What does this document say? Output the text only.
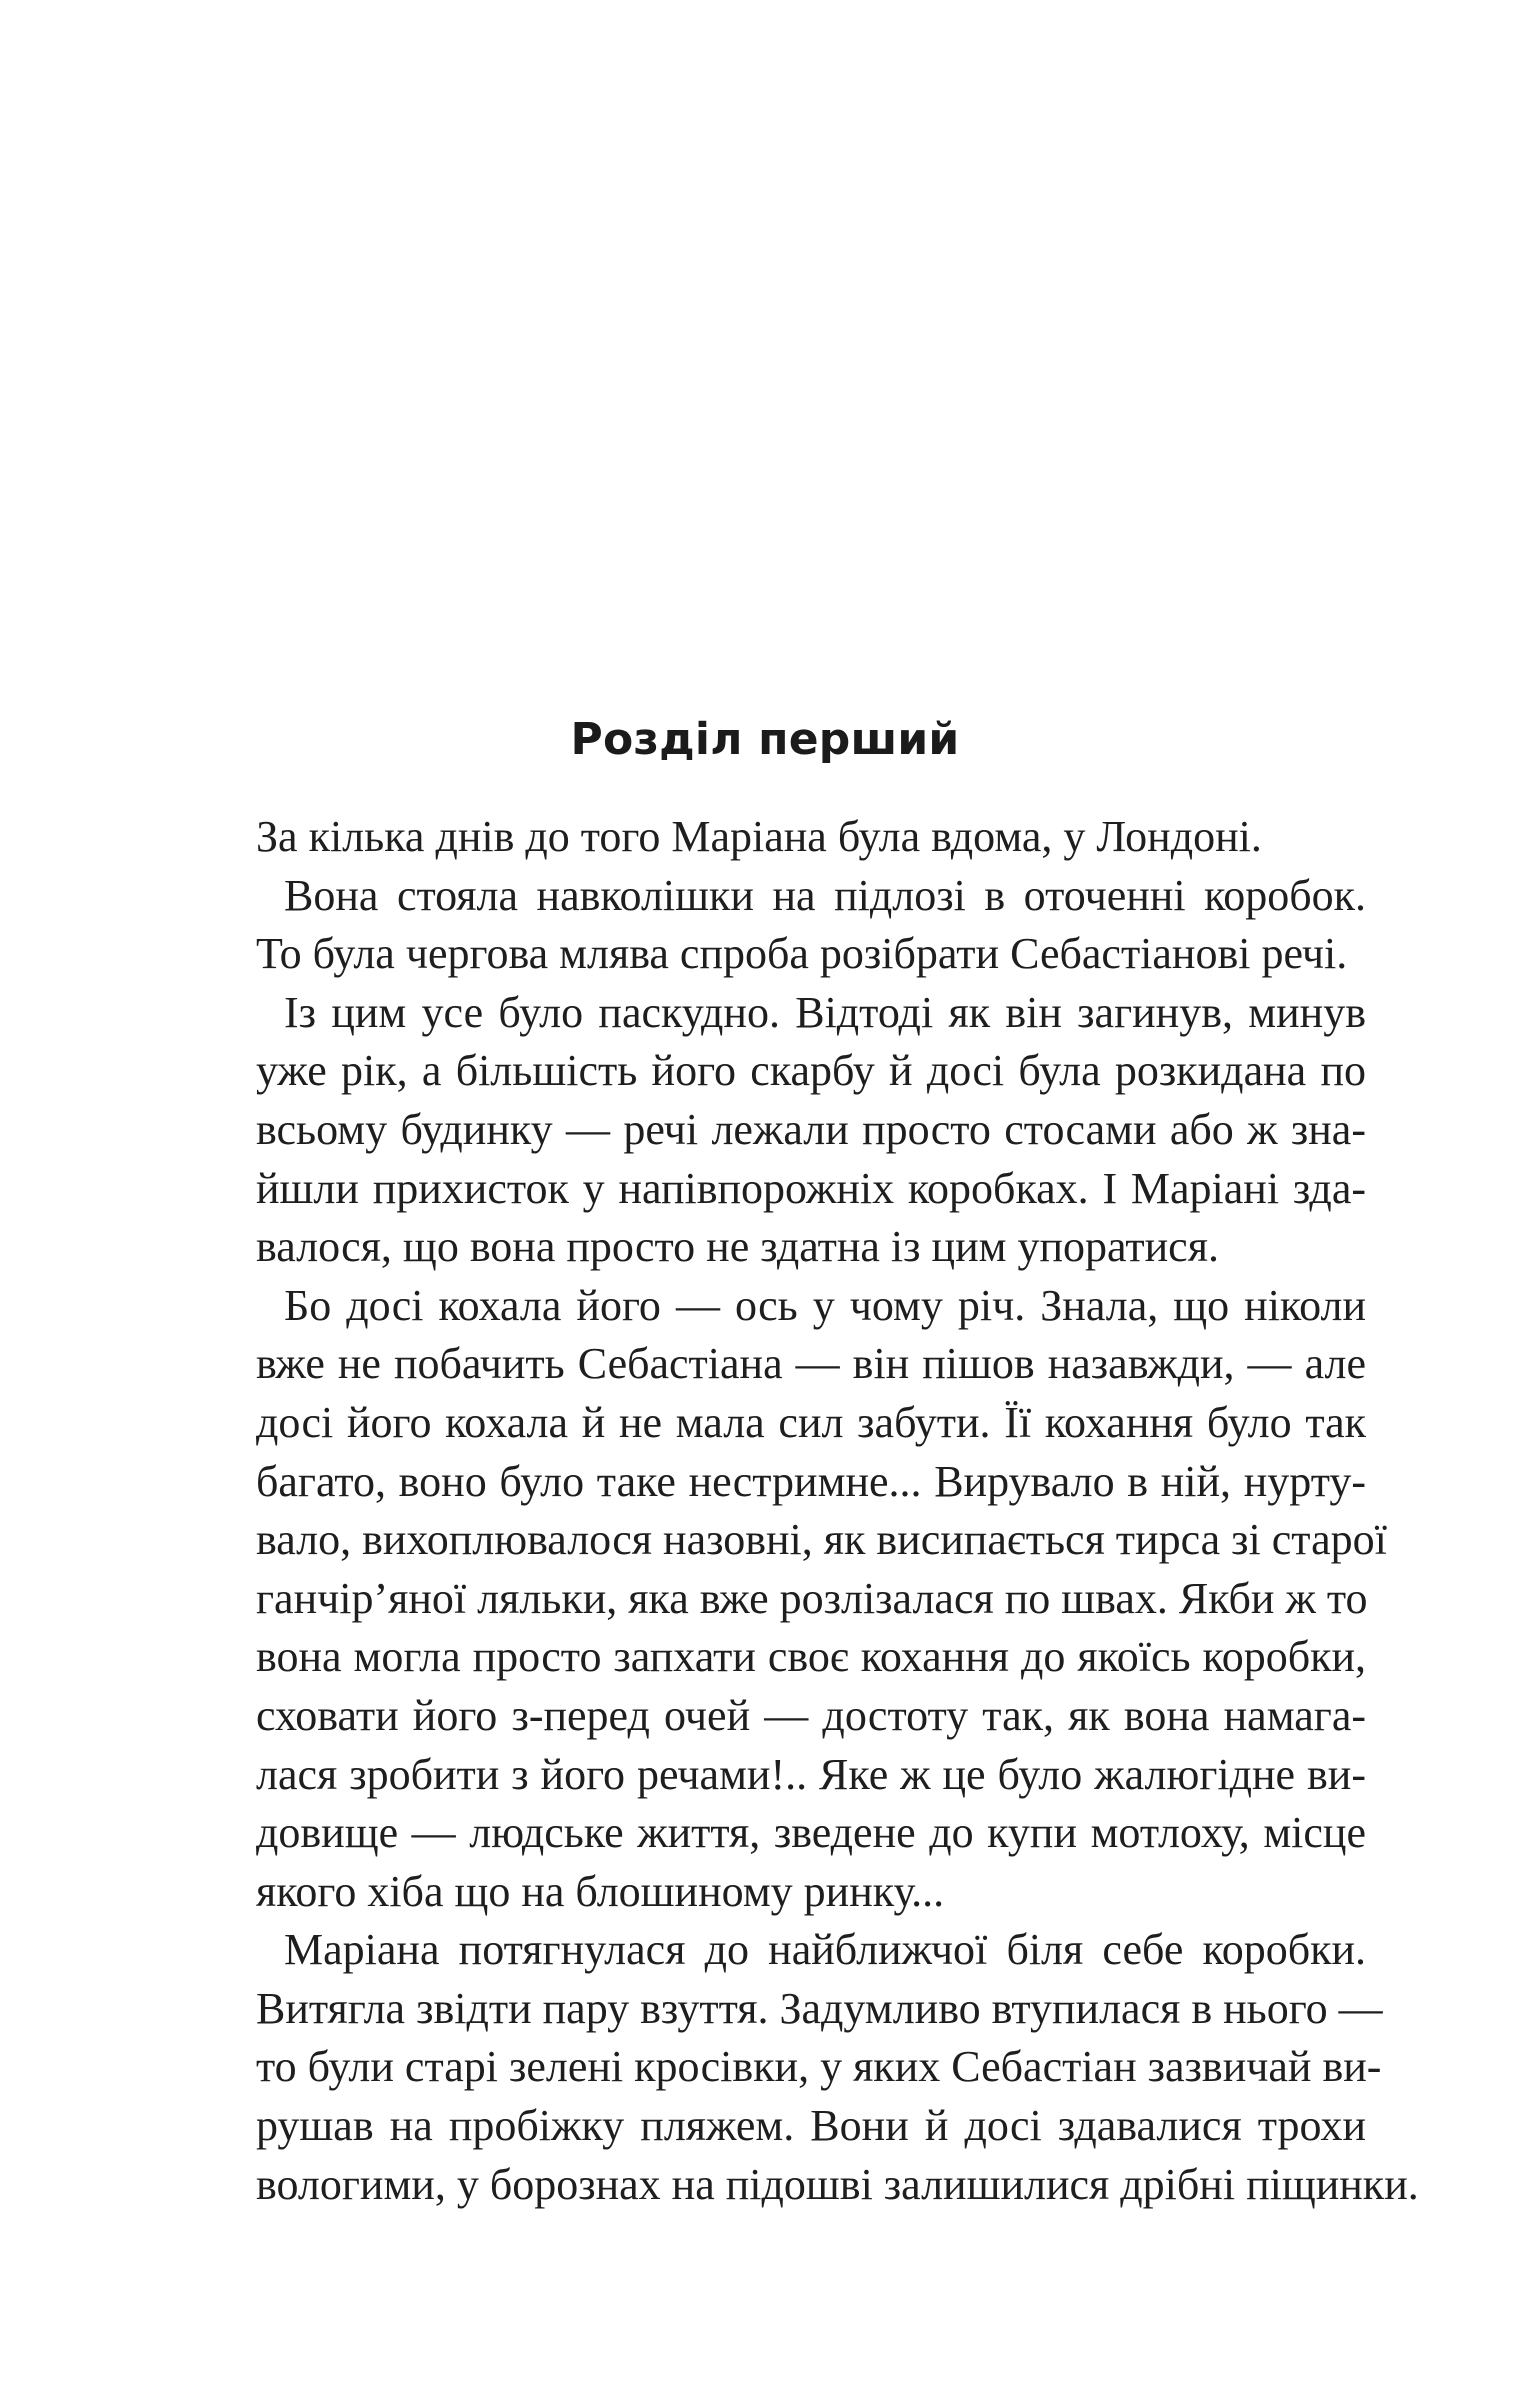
Розділ перший
За кілька днів до того Маріана була вдома, у Лондоні.
Вона стояла навколішки на підлозі в оточенні коробок.
То була чергова млява спроба розібрати Себастіанові речі.
Із цим усе було паскудно. Відтоді як він загинув, минув
уже рік, а більшість його скарбу й досі була розкидана по
всьому будинку — речі лежали просто стосами або ж зна-
йшли прихисток у напівпорожніх коробках. І Маріані зда-
валося, що вона просто не здатна із цим упоратися.
Бо досі кохала його — ось у чому річ. Знала, що ніколи
вже не побачить Себастіана — він пішов назавжди, — але
досі його кохала й не мала сил забути. Її кохання було так
багато, воно було таке нестримне... Вирувало в ній, нурту-
вало, вихоплювалося назовні, як висипається тирса зі старої
ганчір’яної ляльки, яка вже розлізалася по швах. Якби ж то
вона могла просто запхати своє кохання до якоїсь коробки,
сховати його з-перед очей — достоту так, як вона намага-
лася зробити з його речами!.. Яке ж це було жалюгідне ви-
довище — людське життя, зведене до купи мотлоху, місце
якого хіба що на блошиному ринку...
Маріана потягнулася до найближчої біля себе коробки.
Витягла звідти пару взуття. Задумливо втупилася в нього —
то були старі зелені кросівки, у яких Себастіан зазвичай ви-
рушав на пробіжку пляжем. Вони й досі здавалися трохи
вологими, у борознах на підошві залишилися дрібні піщинки.
